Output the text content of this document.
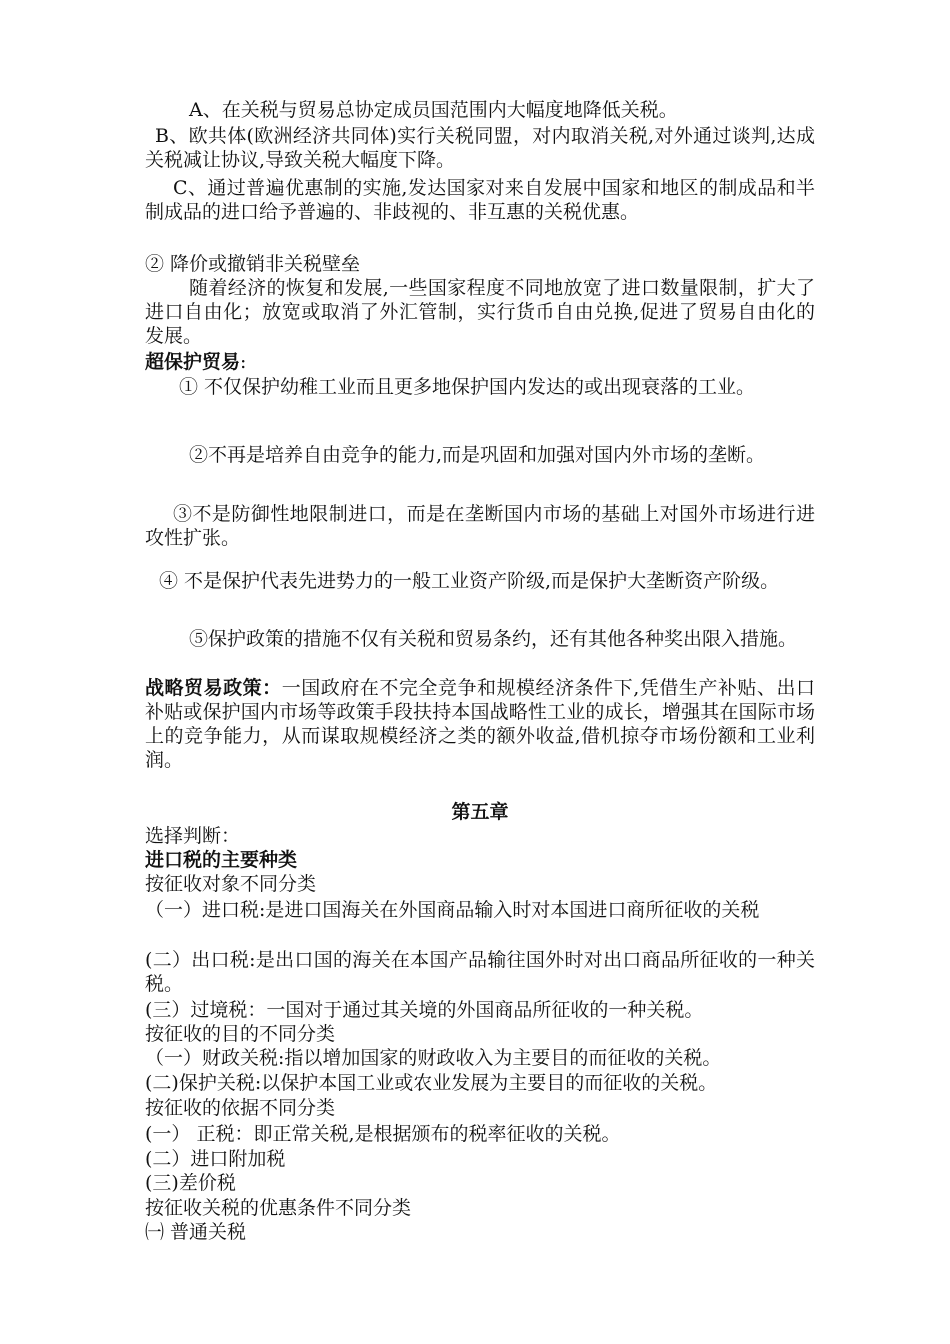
A、在关税与贸易总协定成员国范围内大幅度地降低关税。
B、欧共体(欧洲经济共同体)实行关税同盟，对内取消关税,对外通过谈判,达成关税减让协议,导致关税大幅度下降。
C、通过普遍优惠制的实施,发达国家对来自发展中国家和地区的制成品和半制成品的进口给予普遍的、非歧视的、非互惠的关税优惠。
② 降价或撤销非关税壁垒
随着经济的恢复和发展,一些国家程度不同地放宽了进口数量限制，扩大了进口自由化；放宽或取消了外汇管制，实行货币自由兑换,促进了贸易自由化的发展。
超保护贸易:
① 不仅保护幼稚工业而且更多地保护国内发达的或出现衰落的工业。
②不再是培养自由竞争的能力,而是巩固和加强对国内外市场的垄断。
③不是防御性地限制进口，而是在垄断国内市场的基础上对国外市场进行进攻性扩张。
④ 不是保护代表先进势力的一般工业资产阶级,而是保护大垄断资产阶级。
⑤保护政策的措施不仅有关税和贸易条约，还有其他各种奖出限入措施。
战略贸易政策：一国政府在不完全竞争和规模经济条件下,凭借生产补贴、出口补贴或保护国内市场等政策手段扶持本国战略性工业的成长，增强其在国际市场上的竞争能力，从而谋取规模经济之类的额外收益,借机掠夺市场份额和工业利润。
第五章
选择判断：
进口税的主要种类
按征收对象不同分类
（一）进口税:是进口国海关在外国商品输入时对本国进口商所征收的关税
(二）出口税:是出口国的海关在本国产品输往国外时对出口商品所征收的一种关税。
(三）过境税：一国对于通过其关境的外国商品所征收的一种关税。
按征收的目的不同分类
（一）财政关税:指以增加国家的财政收入为主要目的而征收的关税。
(二)保护关税:以保护本国工业或农业发展为主要目的而征收的关税。
按征收的依据不同分类
(一） 正税：即正常关税,是根据颁布的税率征收的关税。
(二）进口附加税
(三)差价税
按征收关税的优惠条件不同分类
㈠ 普通关税
